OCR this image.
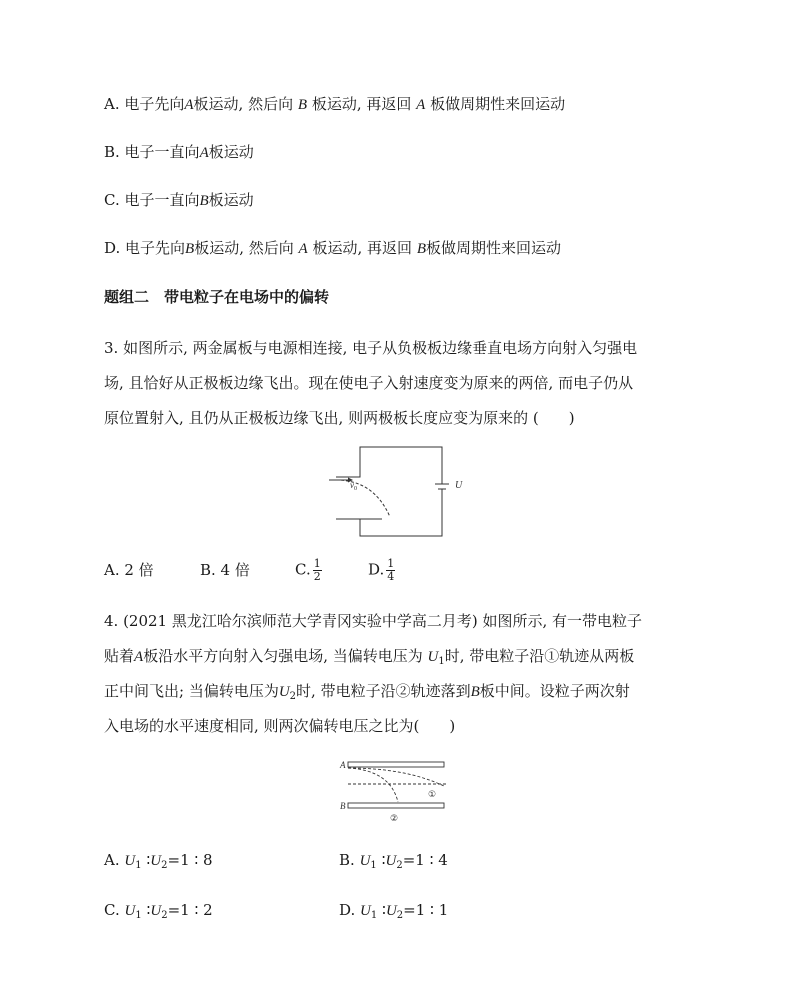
A. 电子先向A板运动, 然后向 B 板运动, 再返回 A 板做周期性来回运动
B. 电子一直向A板运动
C. 电子一直向B板运动
D. 电子先向B板运动, 然后向 A 板运动, 再返回 B板做周期性来回运动
题组二　带电粒子在电场中的偏转
3. 如图所示, 两金属板与电源相连接, 电子从负极板边缘垂直电场方向射入匀强电
场, 且恰好从正极板边缘飞出。现在使电子入射速度变为原来的两倍, 而电子仍从
原位置射入, 且仍从正极板边缘飞出, 则两极板长度应变为原来的 (　　)
$v_0$	U
A. 2 倍	B. 4 倍	C. $\frac{1}{2}$	D. $\frac{1}{4}$
4. (2021 黑龙江哈尔滨师范大学青冈实验中学高二月考) 如图所示, 有一带电粒子
贴着A板沿水平方向射入匀强电场, 当偏转电压为 $U_1$时, 带电粒子沿①轨迹从两板
正中间飞出; 当偏转电压为$U_2$时, 带电粒子沿②轨迹落到B板中间。设粒子两次射
入电场的水平速度相同, 则两次偏转电压之比为(　　)
A
B
①
②
A. $U_1$ $∶U_2=1$ ∶ 8	B. $U_1$ $∶U_2=1$ ∶ 4
C. $U_1$ $∶U_2=1$ ∶ 2	D. $U_1$ $∶U_2=1$ ∶ 1
